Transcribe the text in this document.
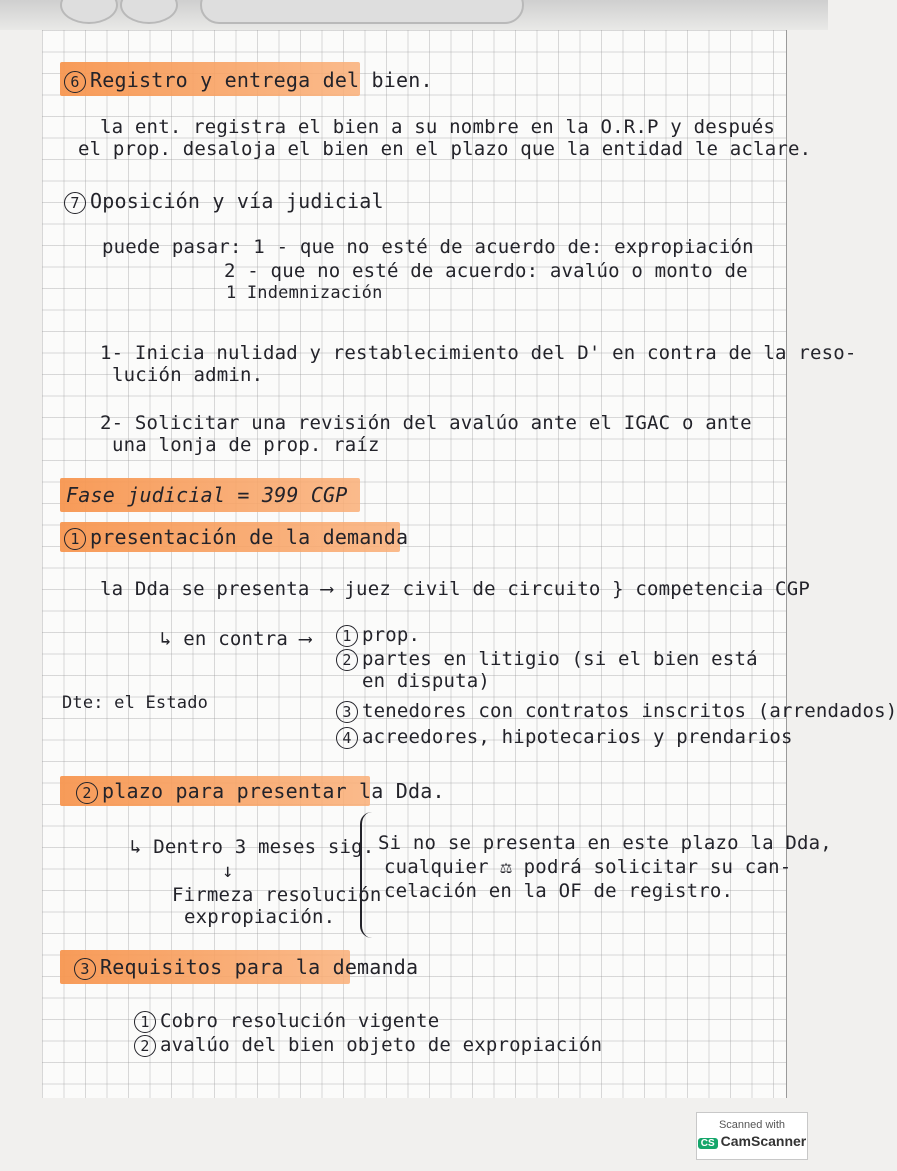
6 Registro y entrega del bien.
la ent. registra el bien a su nombre en la O.R.P y después
el prop. desaloja el bien en el plazo que la entidad le aclare.
7 Oposición y vía judicial
puede pasar: 1 - que no esté de acuerdo de: expropiación
2 - que no esté de acuerdo: avalúo o monto de
1 Indemnización
1- Inicia nulidad y restablecimiento del D' en contra de la reso-
lución admin.
2- Solicitar una revisión del avalúo ante el IGAC o ante
una lonja de prop. raíz
Fase judicial = 399 CGP
1 presentación de la demanda
la Dda se presenta ⟶ juez civil de circuito } competencia CGP
↳ en contra ⟶	1 prop.
2 partes en litigio (si el bien está
en disputa)
Dte: el Estado	3 tenedores con contratos inscritos (arrendados)
4 acreedores, hipotecarios y prendarios
2 plazo para presentar la Dda.
↳ Dentro 3 meses sig.
↓
Firmeza resolución
expropiación.
Si no se presenta en este plazo la Dda,
cualquier ⚖ podrá solicitar su can-
celación en la OF de registro.
3 Requisitos para la demanda
1 Cobro resolución vigente
2 avalúo del bien objeto de expropiación
Scanned with
CS CamScanner
